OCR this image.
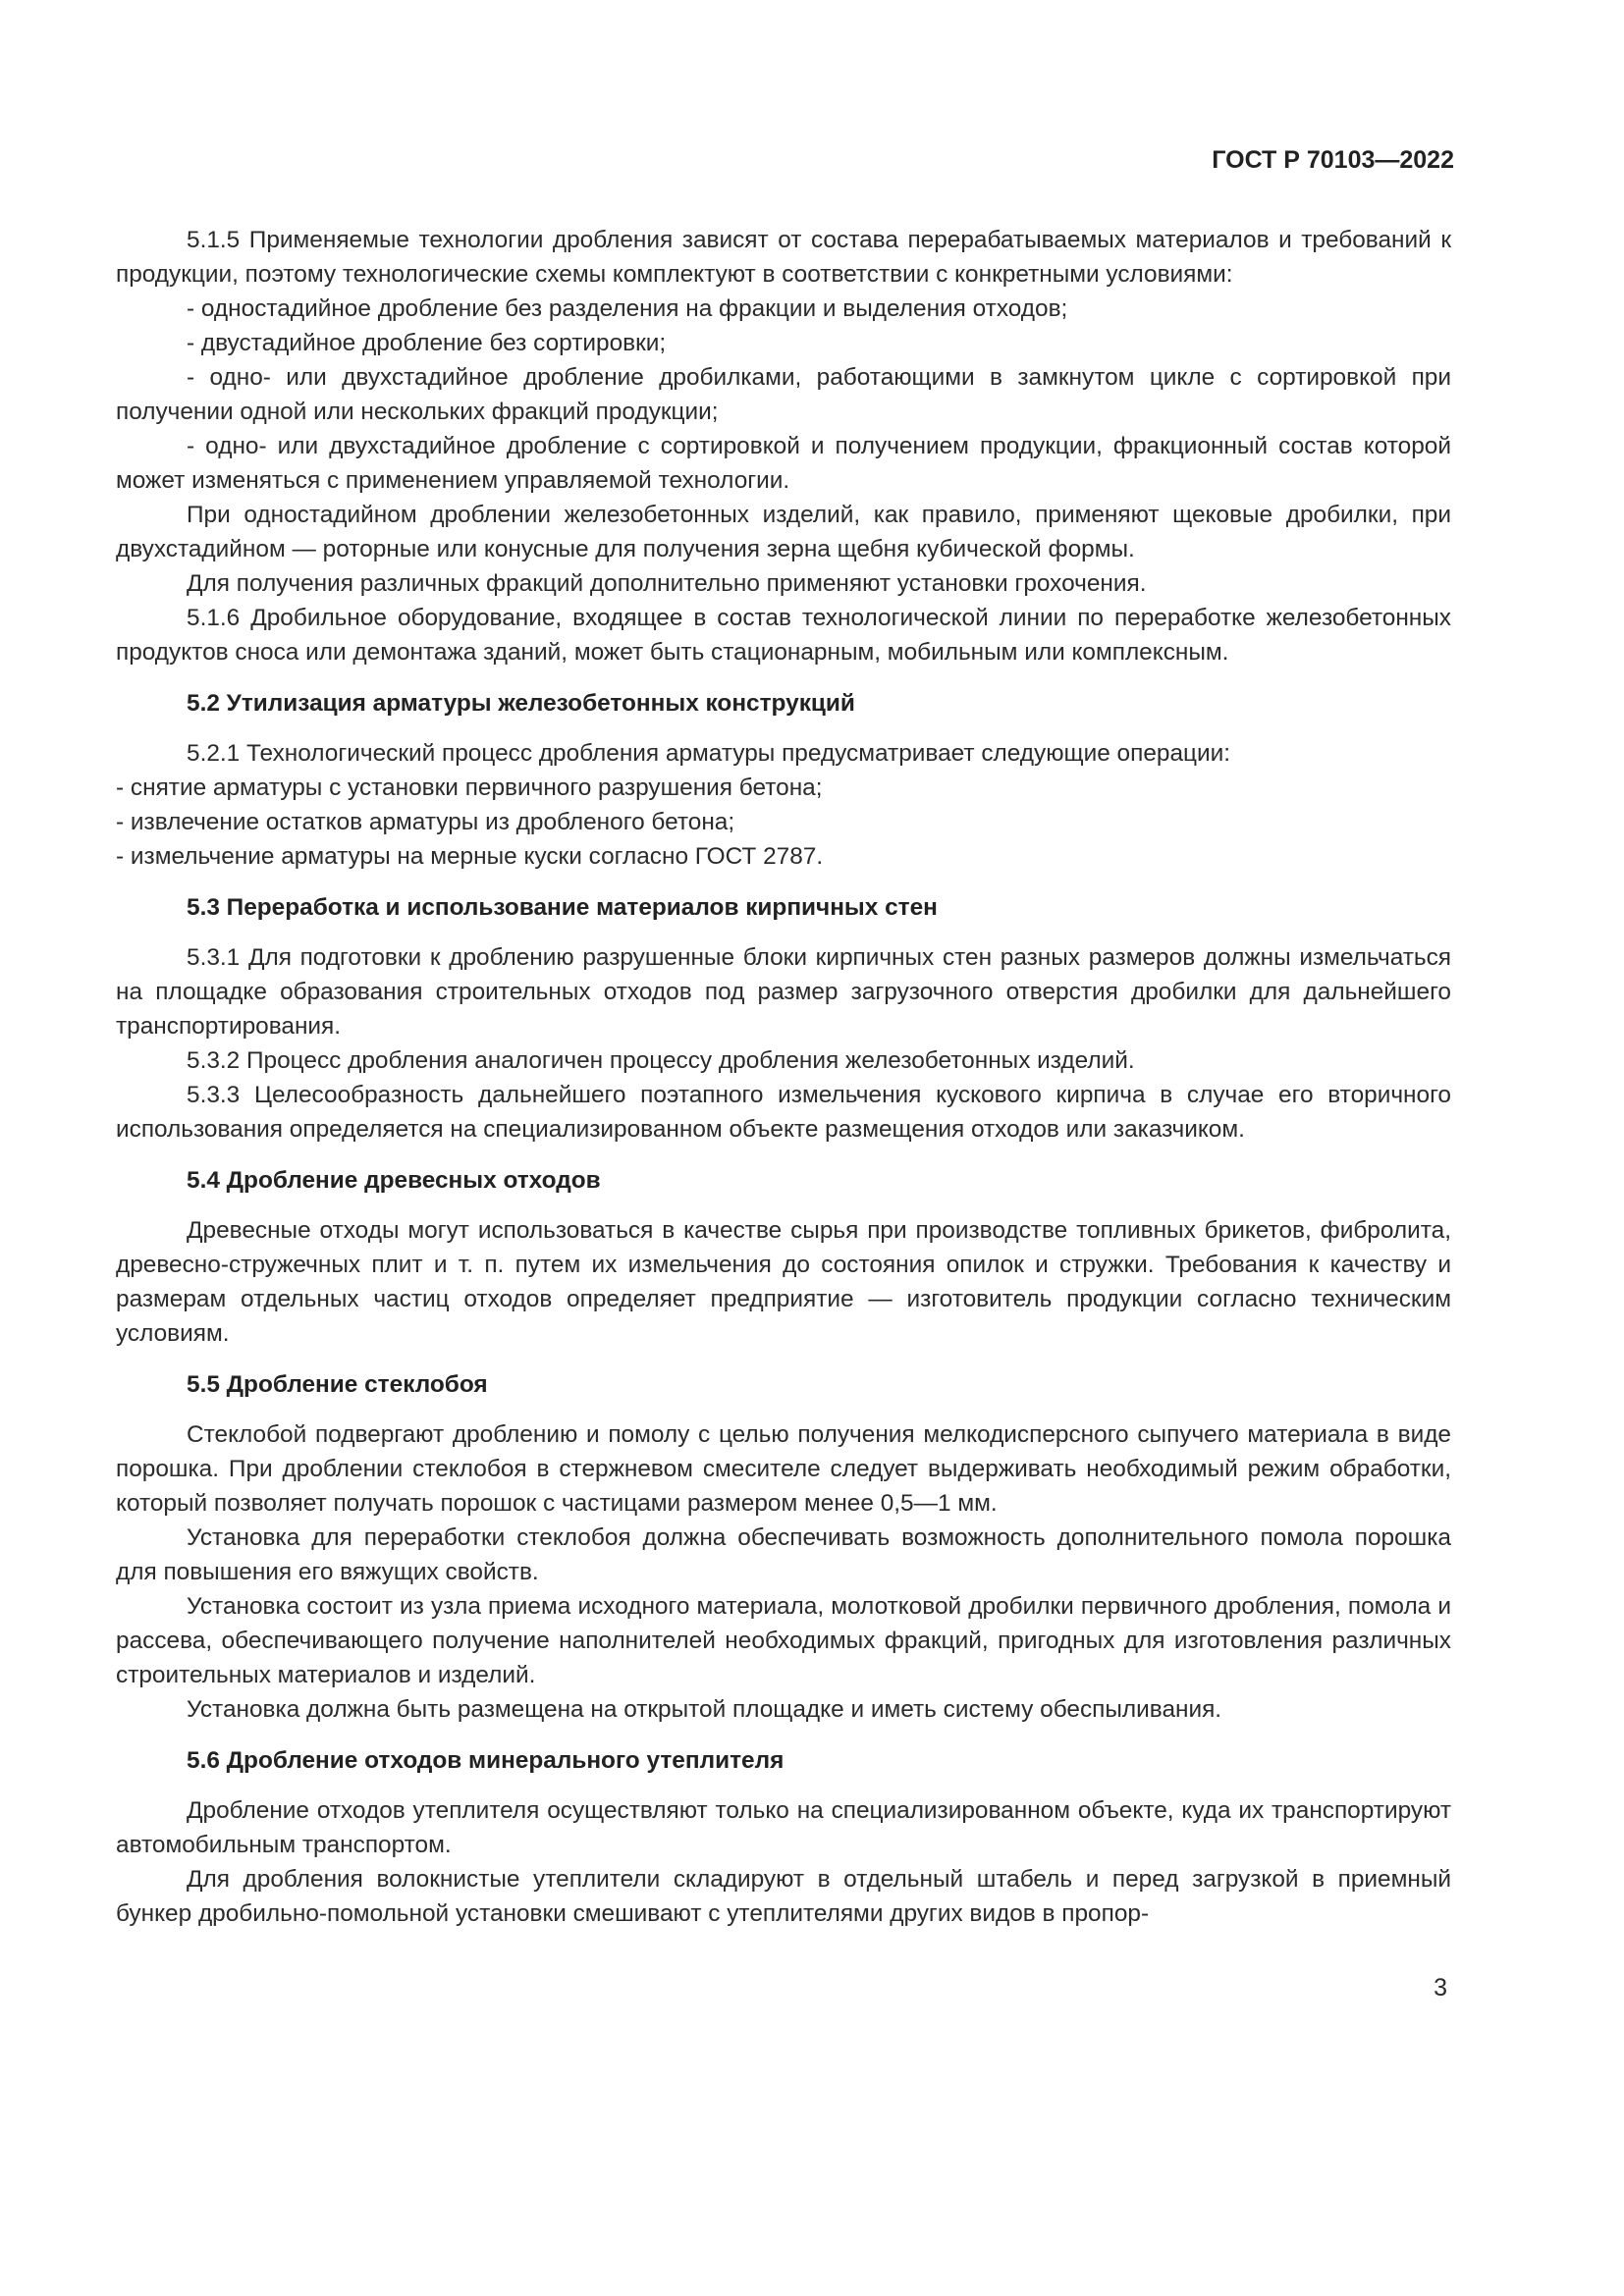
ГОСТ Р 70103—2022

5.1.5 Применяемые технологии дробления зависят от состава перерабатываемых материалов и требований к продукции, поэтому технологические схемы комплектуют в соответствии с конкретными условиями:

- одностадийное дробление без разделения на фракции и выделения отходов;

- двустадийное дробление без сортировки;

- одно- или двухстадийное дробление дробилками, работающими в замкнутом цикле с сортировкой при получении одной или нескольких фракций продукции;

- одно- или двухстадийное дробление с сортировкой и получением продукции, фракционный состав которой может изменяться с применением управляемой технологии.

При одностадийном дроблении железобетонных изделий, как правило, применяют щековые дробилки, при двухстадийном — роторные или конусные для получения зерна щебня кубической формы.

Для получения различных фракций дополнительно применяют установки грохочения.

5.1.6 Дробильное оборудование, входящее в состав технологической линии по переработке железобетонных продуктов сноса или демонтажа зданий, может быть стационарным, мобильным или комплексным.

5.2 Утилизация арматуры железобетонных конструкций

5.2.1 Технологический процесс дробления арматуры предусматривает следующие операции:

- снятие арматуры с установки первичного разрушения бетона;

- извлечение остатков арматуры из дробленого бетона;

- измельчение арматуры на мерные куски согласно ГОСТ 2787.

5.3 Переработка и использование материалов кирпичных стен

5.3.1 Для подготовки к дроблению разрушенные блоки кирпичных стен разных размеров должны измельчаться на площадке образования строительных отходов под размер загрузочного отверстия дробилки для дальнейшего транспортирования.

5.3.2 Процесс дробления аналогичен процессу дробления железобетонных изделий.

5.3.3 Целесообразность дальнейшего поэтапного измельчения кускового кирпича в случае его вторичного использования определяется на специализированном объекте размещения отходов или заказчиком.

5.4 Дробление древесных отходов

Древесные отходы могут использоваться в качестве сырья при производстве топливных брикетов, фибролита, древесно-стружечных плит и т. п. путем их измельчения до состояния опилок и стружки. Требования к качеству и размерам отдельных частиц отходов определяет предприятие — изготовитель продукции согласно техническим условиям.

5.5 Дробление стеклобоя

Стеклобой подвергают дроблению и помолу с целью получения мелкодисперсного сыпучего материала в виде порошка. При дроблении стеклобоя в стержневом смесителе следует выдерживать необходимый режим обработки, который позволяет получать порошок с частицами размером менее 0,5—1 мм.

Установка для переработки стеклобоя должна обеспечивать возможность дополнительного помола порошка для повышения его вяжущих свойств.

Установка состоит из узла приема исходного материала, молотковой дробилки первичного дробления, помола и рассева, обеспечивающего получение наполнителей необходимых фракций, пригодных для изготовления различных строительных материалов и изделий.

Установка должна быть размещена на открытой площадке и иметь систему обеспыливания.

5.6 Дробление отходов минерального утеплителя

Дробление отходов утеплителя осуществляют только на специализированном объекте, куда их транспортируют автомобильным транспортом.

Для дробления волокнистые утеплители складируют в отдельный штабель и перед загрузкой в приемный бункер дробильно-помольной установки смешивают с утеплителями других видов в пропор-

3
